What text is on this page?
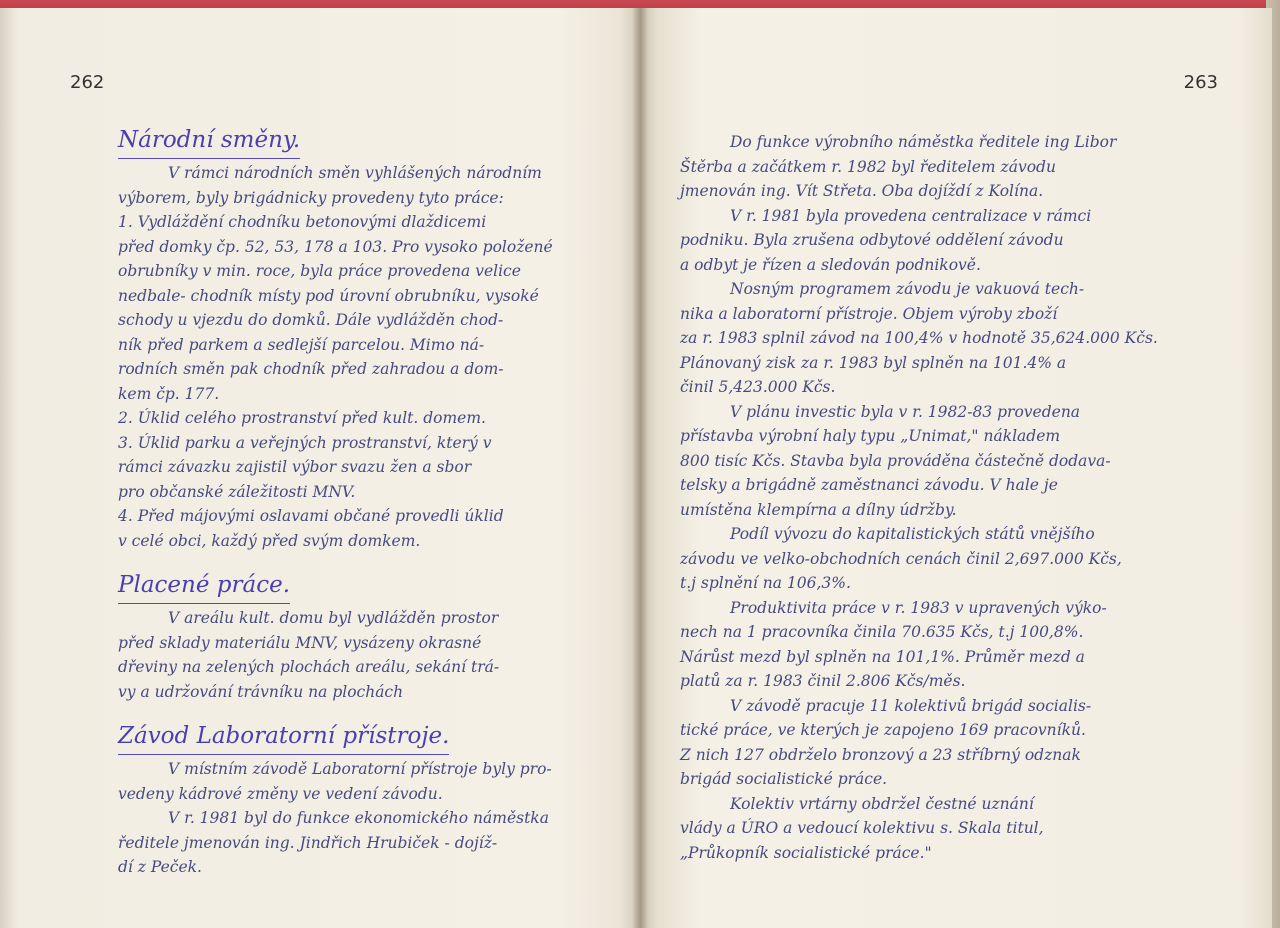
262
Národní směny.
V rámci národních směn vyhlášených národním
výborem, byly brigádnicky provedeny tyto práce:
1. Vydláždění chodníku betonovými dlaždicemi
před domky čp. 52, 53, 178 a 103. Pro vysoko položené
obrubníky v min. roce, byla práce provedena velice
nedbale- chodník místy pod úrovní obrubníku, vysoké
schody u vjezdu do domků. Dále vydlážděn chod-
ník před parkem a sedlejší parcelou. Mimo ná-
rodních směn pak chodník před zahradou a dom-
kem čp. 177.
2. Úklid celého prostranství před kult. domem.
3. Úklid parku a veřejných prostranství, který v
rámci závazku zajistil výbor svazu žen a sbor
pro občanské záležitosti MNV.
4. Před májovými oslavami občané provedli úklid
v celé obci, každý před svým domkem.
Placené práce.
V areálu kult. domu byl vydlážděn prostor
před sklady materiálu MNV, vysázeny okrasné
dřeviny na zelených plochách areálu, sekání trá-
vy a udržování trávníku na plochách
Závod Laboratorní přístroje.
V místním závodě Laboratorní přístroje byly pro-
vedeny kádrové změny ve vedení závodu.
V r. 1981 byl do funkce ekonomického náměstka
ředitele jmenován ing. Jindřich Hrubiček - dojíž-
dí z Peček.
263
Do funkce výrobního náměstka ředitele ing Libor
Štěrba a začátkem r. 1982 byl ředitelem závodu
jmenován ing. Vít Střeta. Oba dojíždí z Kolína.
V r. 1981 byla provedena centralizace v rámci
podniku. Byla zrušena odbytové oddělení závodu
a odbyt je řízen a sledován podnikově.
Nosným programem závodu je vakuová tech-
nika a laboratorní přístroje. Objem výroby zboží
za r. 1983 splnil závod na 100,4% v hodnotě 35,624.000 Kčs.
Plánovaný zisk za r. 1983 byl splněn na 101.4% a
činil 5,423.000 Kčs.
V plánu investic byla v r. 1982-83 provedena
přístavba výrobní haly typu „Unimat," nákladem
800 tisíc Kčs. Stavba byla prováděna částečně dodava-
telsky a brigádně zaměstnanci závodu. V hale je
umístěna klempírna a dílny údržby.
Podíl vývozu do kapitalistických států vnějšího
závodu ve velko-obchodních cenách činil 2,697.000 Kčs,
t.j splnění na 106,3%.
Produktivita práce v r. 1983 v upravených výko-
nech na 1 pracovníka činila 70.635 Kčs, t.j 100,8%.
Nárůst mezd byl splněn na 101,1%. Průměr mezd a
platů za r. 1983 činil 2.806 Kčs/měs.
V závodě pracuje 11 kolektivů brigád socialis-
tické práce, ve kterých je zapojeno 169 pracovníků.
Z nich 127 obdrželo bronzový a 23 stříbrný odznak
brigád socialistické práce.
Kolektiv vrtárny obdržel čestné uznání
vlády a ÚRO a vedoucí kolektivu s. Skala titul,
„Průkopník socialistické práce."
